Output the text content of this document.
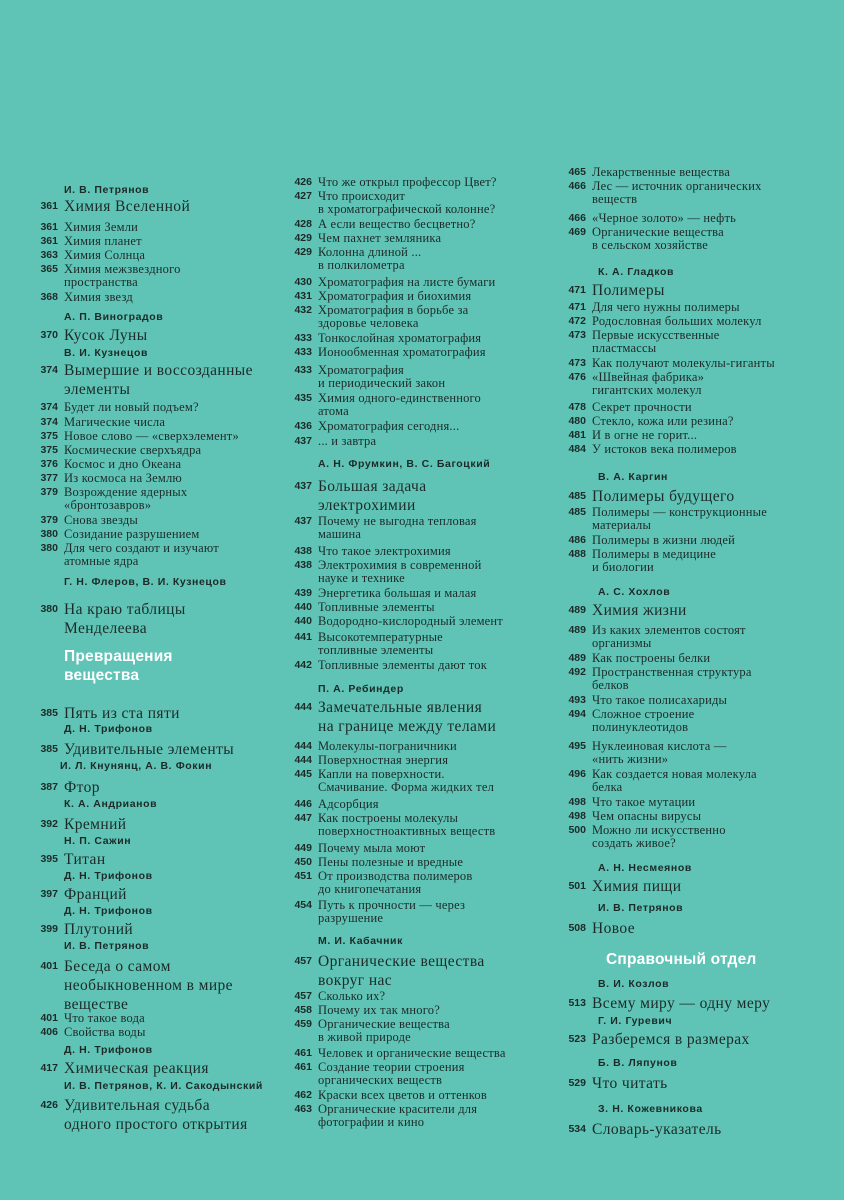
И. В. Петрянов
361 Химия Вселенной
361 Химия Земли
361 Химия планет
363 Химия Солнца
365 Химия межзвездного
пространства
368 Химия звезд
А. П. Виноградов
370 Кусок Луны
В. И. Кузнецов
374 Вымершие и воссозданные
элементы
374 Будет ли новый подъем?
374 Магические числа
375 Новое слово — «сверхэлемент»
375 Космические сверхъядра
376 Космос и дно Океана
377 Из космоса на Землю
379 Возрождение ядерных
«бронтозавров»
379 Снова звезды
380 Созидание разрушением
380 Для чего создают и изучают
атомные ядра
Г. Н. Флеров, В. И. Кузнецов
380 На краю таблицы
Менделеева
Превращения
вещества
385 Пять из ста пяти
Д. Н. Трифонов
385 Удивительные элементы
И. Л. Кнунянц, А. В. Фокин
387 Фтор
К. А. Андрианов
392 Кремний
Н. П. Сажин
395 Титан
Д. Н. Трифонов
397 Франций
Д. Н. Трифонов
399 Плутоний
И. В. Петрянов
401 Беседа о самом
необыкновенном в мире
веществе
401 Что такое вода
406 Свойства воды
Д. Н. Трифонов
417 Химическая реакция
И. В. Петрянов, К. И. Сакодынский
426 Удивительная судьба
одного простого открытия
426 Что же открыл профессор Цвет?
427 Что происходит
в хроматографической колонне?
428 А если вещество бесцветно?
429 Чем пахнет земляника
429 Колонна длиной ...
в полкилометра
430 Хроматография на листе бумаги
431 Хроматография и биохимия
432 Хроматография в борьбе за
здоровье человека
433 Тонкослойная хроматография
433 Ионообменная хроматография
433 Хроматография
и периодический закон
435 Химия одного-единственного
атома
436 Хроматография сегодня...
437 ... и завтра
А. Н. Фрумкин, В. С. Багоцкий
437 Большая задача
электрохимии
437 Почему не выгодна тепловая
машина
438 Что такое электрохимия
438 Электрохимия в современной
науке и технике
439 Энергетика большая и малая
440 Топливные элементы
440 Водородно-кислородный элемент
441 Высокотемпературные
топливные элементы
442 Топливные элементы дают ток
П. А. Ребиндер
444 Замечательные явления
на границе между телами
444 Молекулы-пограничники
444 Поверхностная энергия
445 Капли на поверхности.
Смачивание. Форма жидких тел
446 Адсорбция
447 Как построены молекулы
поверхностноактивных веществ
449 Почему мыла моют
450 Пены полезные и вредные
451 От производства полимеров
до книгопечатания
454 Путь к прочности — через
разрушение
М. И. Кабачник
457 Органические вещества
вокруг нас
457 Сколько их?
458 Почему их так много?
459 Органические вещества
в живой природе
461 Человек и органические вещества
461 Создание теории строения
органических веществ
462 Краски всех цветов и оттенков
463 Органические красители для
фотографии и кино
465 Лекарственные вещества
466 Лес — источник органических
веществ
466 «Черное золото» — нефть
469 Органические вещества
в сельском хозяйстве
К. А. Гладков
471 Полимеры
471 Для чего нужны полимеры
472 Родословная больших молекул
473 Первые искусственные
пластмассы
473 Как получают молекулы-гиганты
476 «Швейная фабрика»
гигантских молекул
478 Секрет прочности
480 Стекло, кожа или резина?
481 И в огне не горит...
484 У истоков века полимеров
В. А. Каргин
485 Полимеры будущего
485 Полимеры — конструкционные
материалы
486 Полимеры в жизни людей
488 Полимеры в медицине
и биологии
А. С. Хохлов
489 Химия жизни
489 Из каких элементов состоят
организмы
489 Как построены белки
492 Пространственная структура
белков
493 Что такое полисахариды
494 Сложное строение
полинуклеотидов
495 Нуклеиновая кислота —
«нить жизни»
496 Как создается новая молекула
белка
498 Что такое мутации
498 Чем опасны вирусы
500 Можно ли искусственно
создать живое?
А. Н. Несмеянов
501 Химия пищи
И. В. Петрянов
508 Новое
Справочный отдел
В. И. Козлов
513 Всему миру — одну меру
Г. И. Гуревич
523 Разберемся в размерах
Б. В. Ляпунов
529 Что читать
З. Н. Кожевникова
534 Словарь-указатель
